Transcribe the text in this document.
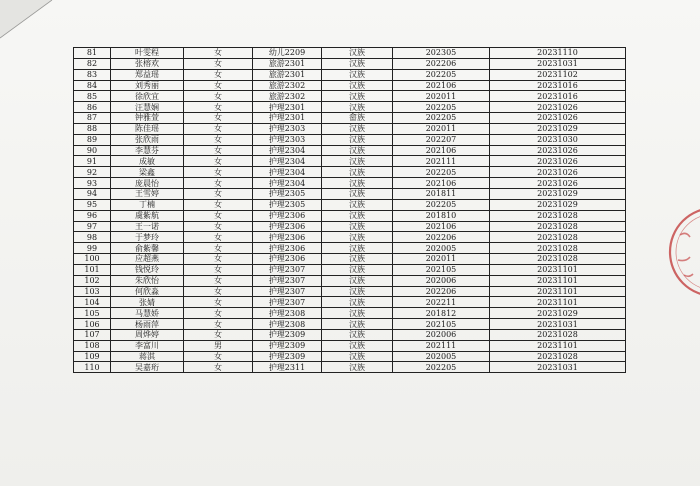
81	叶雯程	女	幼儿2209	汉族	202305	20231110
82	张榕欢	女	旅游2301	汉族	202206	20231031
83	郑益瑶	女	旅游2301	汉族	202205	20231102
84	刘秀丽	女	旅游2302	汉族	202106	20231016
85	徐欣宜	女	旅游2302	汉族	202011	20231016
86	汪慧娴	女	护理2301	汉族	202205	20231026
87	钟雅萱	女	护理2301	畲族	202205	20231026
88	陈佳瑶	女	护理2303	汉族	202011	20231029
89	张欣雨	女	护理2303	汉族	202207	20231030
90	李慧芬	女	护理2304	汉族	202106	20231026
91	成敏	女	护理2304	汉族	202111	20231026
92	梁鑫	女	护理2304	汉族	202205	20231026
93	庞晨怡	女	护理2304	汉族	202106	20231026
94	王雪婷	女	护理2305	汉族	201811	20231029
95	丁楠	女	护理2305	汉族	202205	20231029
96	虞紫航	女	护理2306	汉族	201810	20231028
97	王一诺	女	护理2306	汉族	202106	20231028
98	于梦玲	女	护理2306	汉族	202206	20231028
99	俞紫馨	女	护理2306	汉族	202005	20231028
100	应超燕	女	护理2306	汉族	202011	20231028
101	钱悦玲	女	护理2307	汉族	202105	20231101
102	朱欣怡	女	护理2307	汉族	202006	20231101
103	何欣淼	女	护理2307	汉族	202206	20231101
104	张婧	女	护理2307	汉族	202211	20231101
105	马慧娇	女	护理2308	汉族	201812	20231029
106	杨雨萍	女	护理2308	汉族	202105	20231031
107	周烨婷	女	护理2309	汉族	202006	20231028
108	李富川	男	护理2309	汉族	202111	20231101
109	蒋淇	女	护理2309	汉族	202005	20231028
110	吴嘉珩	女	护理2311	汉族	202205	20231031
